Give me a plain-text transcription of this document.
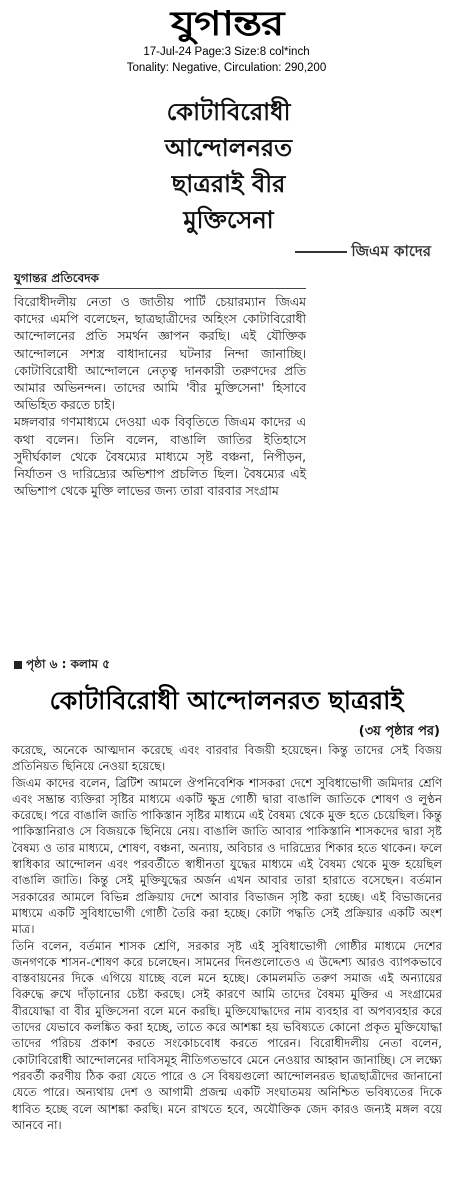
যুগান্তর
17-Jul-24 Page:3 Size:8 col*inch
Tonality: Negative, Circulation: 290,200
কোটাবিরোধী
আন্দোলনরত
ছাত্ররাই বীর
মুক্তিসেনা
জিএম কাদের
যুগান্তর প্রতিবেদক

বিরোধীদলীয় নেতা ও জাতীয় পার্টি চেয়ারম্যান জিএম কাদের এমপি বলেছেন, ছাত্রছাত্রীদের অহিংস কোটাবিরোধী আন্দোলনের প্রতি সমর্থন জ্ঞাপন করছি। এই যৌক্তিক আন্দোলনে সশস্ত্র বাধাদানের ঘটনার নিন্দা জানাচ্ছি। কোটাবিরোধী আন্দোলনে নেতৃত্ব দানকারী তরুণদের প্রতি আমার অভিনন্দন। তাদের আমি 'বীর মুক্তিসেনা' হিসাবে অভিহিত করতে চাই।

মঙ্গলবার গণমাধ্যমে দেওয়া এক বিবৃতিতে জিএম কাদের এ কথা বলেন। তিনি বলেন, বাঙালি জাতির ইতিহাসে সুদীর্ঘকাল থেকে বৈষম্যের মাধ্যমে সৃষ্ট বঞ্চনা, নিপীড়ন, নির্যাতন ও দারিদ্র্যের অভিশাপ প্রচলিত ছিল। বৈষম্যের এই অভিশাপ থেকে মুক্তি লাভের জন্য তারা বারবার সংগ্রাম

পৃষ্ঠা ৬ : কলাম ৫
কোটাবিরোধী আন্দোলনরত ছাত্ররাই
(৩য় পৃষ্ঠার পর)

করেছে, অনেকে আত্মদান করেছে এবং বারবার বিজয়ী হয়েছেন। কিন্তু তাদের সেই বিজয় প্রতিনিয়ত ছিনিয়ে নেওয়া হয়েছে।

জিএম কাদের বলেন, ব্রিটিশ আমলে ঔপনিবেশিক শাসকরা দেশে সুবিধাভোগী জমিদার শ্রেণি এবং সম্ভ্রান্ত ব্যক্তিরা সৃষ্টির মাধ্যমে একটি ক্ষুদ্র গোষ্ঠী দ্বারা বাঙালি জাতিকে শোষণ ও লুণ্ঠন করেছে। পরে বাঙালি জাতি পাকিস্তান সৃষ্টির মাধ্যমে এই বৈষম্য থেকে মুক্ত হতে চেয়েছিল। কিন্তু পাকিস্তানিরাও সে বিজয়কে ছিনিয়ে নেয়। বাঙালি জাতি আবার পাকিস্তানি শাসকদের দ্বারা সৃষ্ট বৈষম্য ও তার মাধ্যমে, শোষণ, বঞ্চনা, অন্যায়, অবিচার ও দারিদ্র্যের শিকার হতে থাকেন। ফলে স্বাধিকার আন্দোলন এবং পরবর্তীতে স্বাধীনতা যুদ্ধের মাধ্যমে এই বৈষম্য থেকে মুক্ত হয়েছিল বাঙালি জাতি। কিন্তু সেই মুক্তিযুদ্ধের অর্জন এখন আবার তারা হারাতে বসেছেন। বর্তমান সরকারের আমলে বিভিন্ন প্রক্রিয়ায় দেশে আবার বিভাজন সৃষ্টি করা হচ্ছে। এই বিভাজনের মাধ্যমে একটি সুবিধাভোগী গোষ্ঠী তৈরি করা হচ্ছে। কোটা পদ্ধতি সেই প্রক্রিয়ার একটি অংশ মাত্র।

তিনি বলেন, বর্তমান শাসক শ্রেণি, সরকার সৃষ্ট এই সুবিধাভোগী গোষ্ঠীর মাধ্যমে দেশের জনগণকে শাসন-শোষণ করে চলেছেন। সামনের দিনগুলোতেও এ উদ্দেশ্য আরও ব্যাপকভাবে বাস্তবায়নের দিকে এগিয়ে যাচ্ছে বলে মনে হচ্ছে। কোমলমতি তরুণ সমাজ এই অন্যায়ের বিরুদ্ধে রুখে দাঁড়ানোর চেষ্টা করছে। সেই কারণে আমি তাদের বৈষম্য মুক্তির এ সংগ্রামের বীরযোদ্ধা বা বীর মুক্তিসেনা বলে মনে করছি। মুক্তিযোদ্ধাদের নাম ব্যবহার বা অপব্যবহার করে তাদের যেভাবে কলঙ্কিত করা হচ্ছে, তাতে করে আশঙ্কা হয় ভবিষ্যতে কোনো প্রকৃত মুক্তিযোদ্ধা তাদের পরিচয় প্রকাশ করতে সংকোচবোধ করতে পারেন। বিরোধীদলীয় নেতা বলেন, কোটাবিরোধী আন্দোলনের দাবিসমূহ নীতিগতভাবে মেনে নেওয়ার আহ্বান জানাচ্ছি। সে লক্ষ্যে পরবর্তী করণীয় ঠিক করা যেতে পারে ও সে বিষয়গুলো আন্দোলনরত ছাত্রছাত্রীদের জানানো যেতে পারে। অন্যথায় দেশ ও আগামী প্রজন্ম একটি সংঘাতময় অনিশ্চিত ভবিষ্যতের দিকে ধাবিত হচ্ছে বলে আশঙ্কা করছি। মনে রাখতে হবে, অযৌক্তিক জেদ কারও জন্যই মঙ্গল বয়ে আনবে না।
